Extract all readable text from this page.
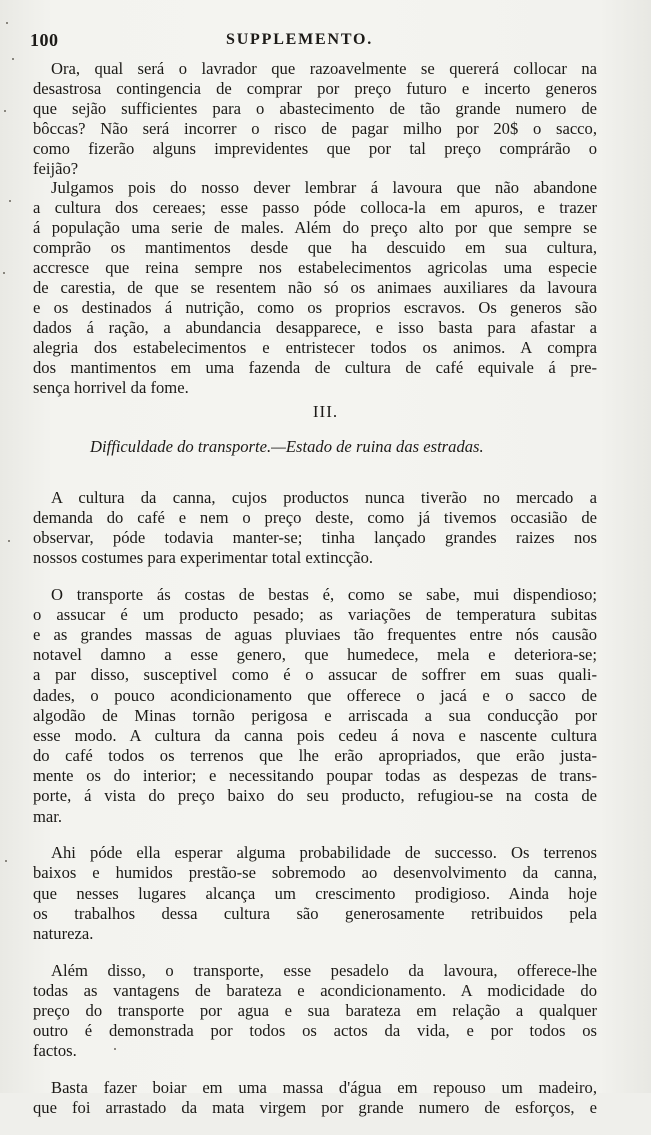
100	SUPPLEMENTO.

Ora, qual será o lavrador que razoavelmente se quererá collocar na
desastrosa contingencia de comprar por preço futuro e incerto generos
que sejão sufficientes para o abastecimento de tão grande numero de
bôccas? Não será incorrer o risco de pagar milho por 20$ o sacco,
como fizerão alguns imprevidentes que por tal preço comprárão o
feijão?

Julgamos pois do nosso dever lembrar á lavoura que não abandone
a cultura dos cereaes; esse passo póde colloca-la em apuros, e trazer
á população uma serie de males. Além do preço alto por que sempre se
comprão os mantimentos desde que ha descuido em sua cultura,
accresce que reina sempre nos estabelecimentos agricolas uma especie
de carestia, de que se resentem não só os animaes auxiliares da lavoura
e os destinados á nutrição, como os proprios escravos. Os generos são
dados á ração, a abundancia desapparece, e isso basta para afastar a
alegria dos estabelecimentos e entristecer todos os animos. A compra
dos mantimentos em uma fazenda de cultura de café equivale á pre-
sença horrivel da fome.

III.
Difficuldade do transporte.—Estado de ruina das estradas.

A cultura da canna, cujos productos nunca tiverão no mercado a
demanda do café e nem o preço deste, como já tivemos occasião de
observar, póde todavia manter-se; tinha lançado grandes raizes nos
nossos costumes para experimentar total extincção.

O transporte ás costas de bestas é, como se sabe, mui dispendioso;
o assucar é um producto pesado; as variações de temperatura subitas
e as grandes massas de aguas pluviaes tão frequentes entre nós causão
notavel damno a esse genero, que humedece, mela e deteriora-se;
a par disso, susceptivel como é o assucar de soffrer em suas quali-
dades, o pouco acondicionamento que offerece o jacá e o sacco de
algodão de Minas tornão perigosa e arriscada a sua conducção por
esse modo. A cultura da canna pois cedeu á nova e nascente cultura
do café todos os terrenos que lhe erão apropriados, que erão justa-
mente os do interior; e necessitando poupar todas as despezas de trans-
porte, á vista do preço baixo do seu producto, refugiou-se na costa de
mar.

Ahi póde ella esperar alguma probabilidade de successo. Os terrenos
baixos e humidos prestão-se sobremodo ao desenvolvimento da canna,
que nesses lugares alcança um crescimento prodigioso. Ainda hoje
os trabalhos dessa cultura são generosamente retribuidos pela
natureza.

Além disso, o transporte, esse pesadelo da lavoura, offerece-lhe
todas as vantagens de barateza e acondicionamento. A modicidade do
preço do transporte por agua e sua barateza em relação a qualquer
outro é demonstrada por todos os actos da vida, e por todos os
factos.

Basta fazer boiar em uma massa d'água em repouso um madeiro,
que foi arrastado da mata virgem por grande numero de esforços, e
